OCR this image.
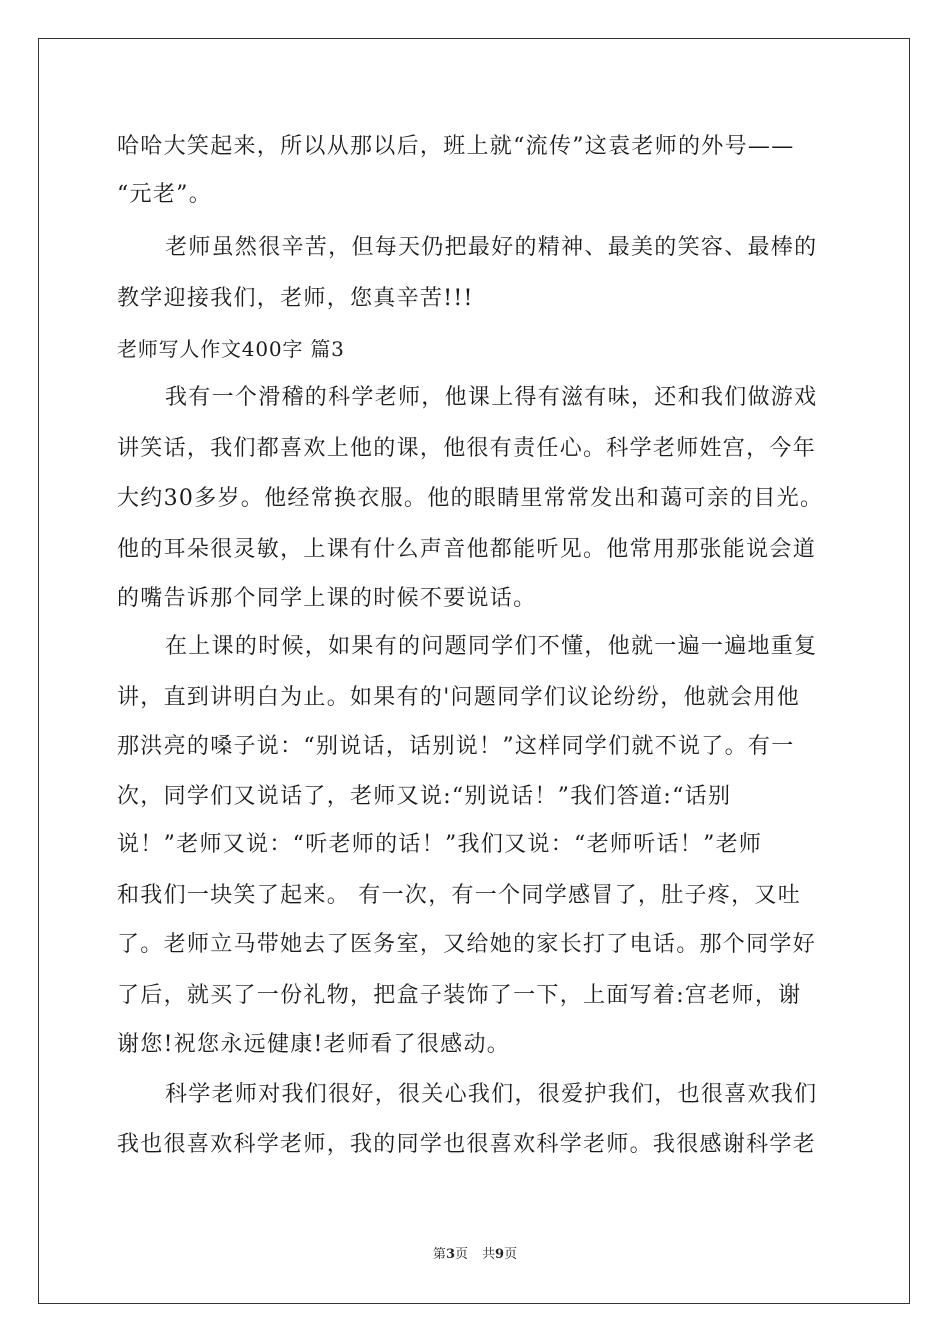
哈哈大笑起来，所以从那以后，班上就“流传”这袁老师的外号——
“元老”。
老师虽然很辛苦，但每天仍把最好的精神、最美的笑容、最棒的
教学迎接我们，老师，您真辛苦!!!
老师写人作文400字 篇3
我有一个滑稽的科学老师，他课上得有滋有味，还和我们做游戏
讲笑话，我们都喜欢上他的课，他很有责任心。科学老师姓宫，今年
大约30多岁。他经常换衣服。他的眼睛里常常发出和蔼可亲的目光。
他的耳朵很灵敏，上课有什么声音他都能听见。他常用那张能说会道
的嘴告诉那个同学上课的时候不要说话。
在上课的时候，如果有的问题同学们不懂，他就一遍一遍地重复
讲，直到讲明白为止。如果有的'问题同学们议论纷纷，他就会用他
那洪亮的嗓子说：“别说话，话别说！”这样同学们就不说了。有一
次，同学们又说话了，老师又说:“别说话！”我们答道:“话别
说！”老师又说：“听老师的话！”我们又说：“老师听话！”老师
和我们一块笑了起来。 有一次，有一个同学感冒了，肚子疼，又吐
了。老师立马带她去了医务室，又给她的家长打了电话。那个同学好
了后，就买了一份礼物，把盒子装饰了一下，上面写着:宫老师，谢
谢您!祝您永远健康!老师看了很感动。
科学老师对我们很好，很关心我们，很爱护我们，也很喜欢我们
我也很喜欢科学老师，我的同学也很喜欢科学老师。我很感谢科学老
第3页 共9页
